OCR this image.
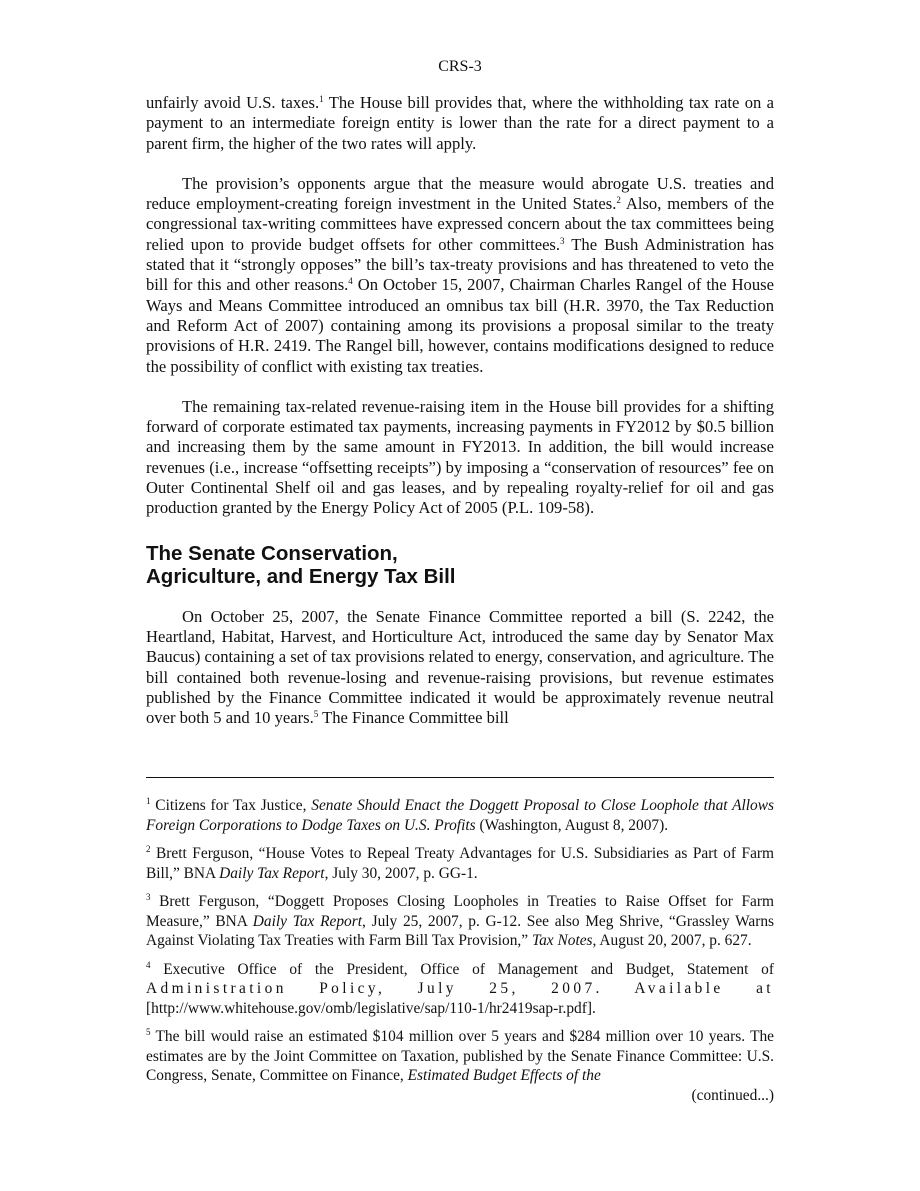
CRS-3

unfairly avoid U.S. taxes.$^1$ The House bill provides that, where the withholding tax rate on a payment to an intermediate foreign entity is lower than the rate for a direct payment to a parent firm, the higher of the two rates will apply.

The provision’s opponents argue that the measure would abrogate U.S. treaties and reduce employment-creating foreign investment in the United States.$^2$ Also, members of the congressional tax-writing committees have expressed concern about the tax committees being relied upon to provide budget offsets for other committees.$^3$ The Bush Administration has stated that it “strongly opposes” the bill’s tax-treaty provisions and has threatened to veto the bill for this and other reasons.$^4$ On October 15, 2007, Chairman Charles Rangel of the House Ways and Means Committee introduced an omnibus tax bill (H.R. 3970, the Tax Reduction and Reform Act of 2007) containing among its provisions a proposal similar to the treaty provisions of H.R. 2419. The Rangel bill, however, contains modifications designed to reduce the possibility of conflict with existing tax treaties.

The remaining tax-related revenue-raising item in the House bill provides for a shifting forward of corporate estimated tax payments, increasing payments in FY2012 by $0.5 billion and increasing them by the same amount in FY2013. In addition, the bill would increase revenues (i.e., increase “offsetting receipts”) by imposing a “conservation of resources” fee on Outer Continental Shelf oil and gas leases, and by repealing royalty-relief for oil and gas production granted by the Energy Policy Act of 2005 (P.L. 109-58).

The Senate Conservation,
Agriculture, and Energy Tax Bill

On October 25, 2007, the Senate Finance Committee reported a bill (S. 2242, the Heartland, Habitat, Harvest, and Horticulture Act, introduced the same day by Senator Max Baucus) containing a set of tax provisions related to energy, conservation, and agriculture. The bill contained both revenue-losing and revenue-raising provisions, but revenue estimates published by the Finance Committee indicated it would be approximately revenue neutral over both 5 and 10 years.$^5$ The Finance Committee bill

$^1$ Citizens for Tax Justice, Senate Should Enact the Doggett Proposal to Close Loophole that Allows Foreign Corporations to Dodge Taxes on U.S. Profits (Washington, August 8, 2007).

$^2$ Brett Ferguson, “House Votes to Repeal Treaty Advantages for U.S. Subsidiaries as Part of Farm Bill,” BNA Daily Tax Report, July 30, 2007, p. GG-1.

$^3$ Brett Ferguson, “Doggett Proposes Closing Loopholes in Treaties to Raise Offset for Farm Measure,” BNA Daily Tax Report, July 25, 2007, p. G-12. See also Meg Shrive, “Grassley Warns Against Violating Tax Treaties with Farm Bill Tax Provision,” Tax Notes, August 20, 2007, p. 627.

$^4$ Executive Office of the President, Office of Management and Budget, Statement of
Administration Policy, July 25, 2007. Available at
[http://www.whitehouse.gov/omb/legislative/sap/110-1/hr2419sap-r.pdf].

$^5$ The bill would raise an estimated $104 million over 5 years and $284 million over 10 years. The estimates are by the Joint Committee on Taxation, published by the Senate Finance Committee: U.S. Congress, Senate, Committee on Finance, Estimated Budget Effects of the

(continued...)
